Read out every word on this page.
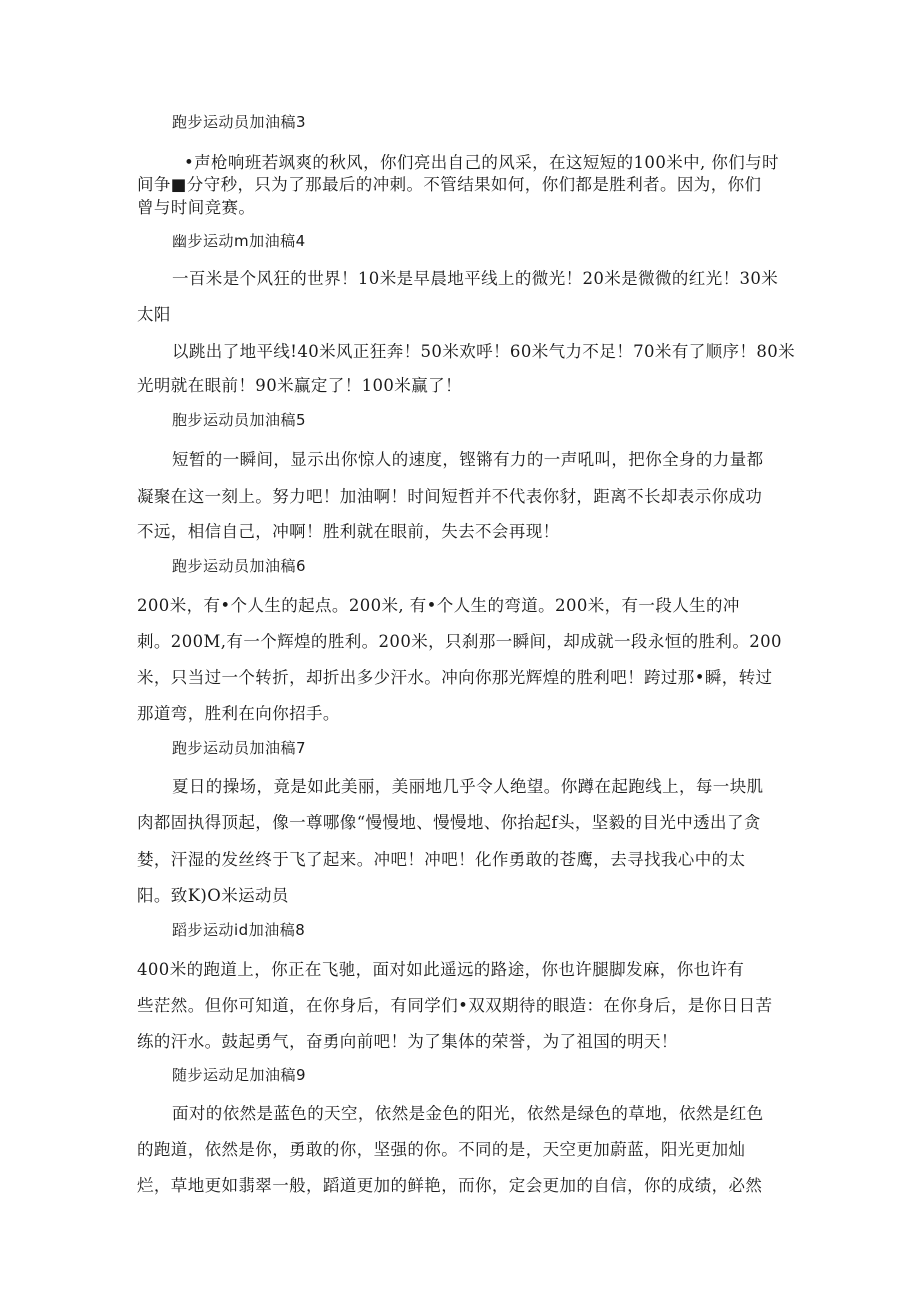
跑步运动员加油稿3
•声枪响班若飒爽的秋风，你们亮出自己的风采，在这短短的100米中, 你们与时
间争■分守秒，只为了那最后的冲刺。不管结果如何，你们都是胜利者。因为，你们
曾与时间竞赛。
幽步运动m加油稿4
一百米是个风狂的世界！10米是早晨地平线上的微光！20米是微微的红光！30米
太阳
以跳出了地平线!40米风正狂奔！50米欢呼！60米气力不足！70米有了顺序！80米
光明就在眼前！90米赢定了！100米赢了！
胞步运动员加油稿5
短暂的一瞬间，显示出你惊人的速度，铿锵有力的一声吼叫，把你全身的力量都
凝聚在这一刻上。努力吧！加油啊！时间短哲并不代表你豺，距离不长却表示你成功
不远，相信自己，冲啊！胜利就在眼前，失去不会再现！
跑步运动员加油稿6
200米，有•个人生的起点。200米, 有•个人生的弯道。200米，有一段人生的冲
刺。200M,有一个辉煌的胜利。200米，只刹那一瞬间，却成就一段永恒的胜利。200
米，只当过一个转折，却折出多少汗水。冲向你那光辉煌的胜利吧！跨过那•瞬，转过
那道弯，胜利在向你招手。
跑步运动员加油稿7
夏日的操场，竟是如此美丽，美丽地几乎令人绝望。你蹲在起跑线上，每一块肌
肉都固执得顶起，像一尊哪像“慢慢地、慢慢地、你抬起f头，坚毅的目光中透出了贪
婪，汗湿的发丝终于飞了起来。冲吧！冲吧！化作勇敢的苍鹰，去寻找我心中的太
阳。致K)O米运动员
蹈步运动id加油稿8
400米的跑道上，你正在飞驰，面对如此遥远的路途，你也许腿脚发麻，你也许有
些茫然。但你可知道，在你身后，有同学们•双双期待的眼造：在你身后，是你日日苦
练的汗水。鼓起勇气，奋勇向前吧！为了集体的荣誉，为了祖国的明天！
随步运动足加油稿9
面对的依然是蓝色的天空，依然是金色的阳光，依然是绿色的草地，依然是红色
的跑道，依然是你，勇敢的你，坚强的你。不同的是，天空更加蔚蓝，阳光更加灿
烂，草地更如翡翠一般，蹈道更加的鲜艳，而你，定会更加的自信，你的成绩，必然
